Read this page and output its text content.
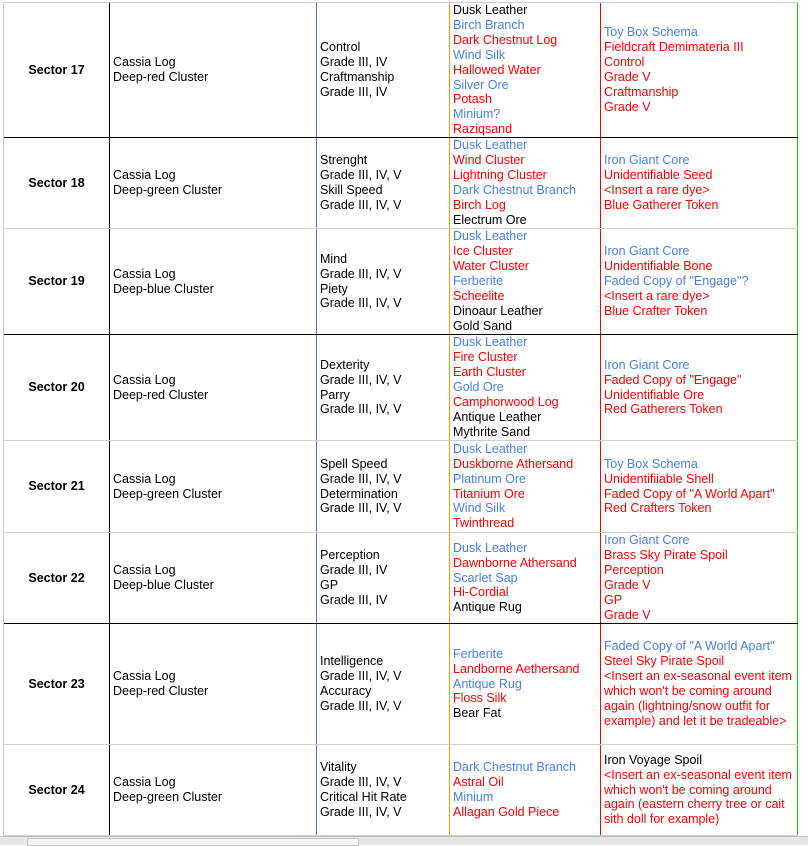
Sector 17
Cassia Log
Deep-red Cluster
Control
Grade III, IV
Craftmanship
Grade III, IV
Dusk Leather
Birch Branch
Dark Chestnut Log
Wind Silk
Hallowed Water
Silver Ore
Potash
Minium?
Raziqsand
Toy Box Schema
Fieldcraft Demimateria III
Control
Grade V
Craftmanship
Grade V
Sector 18
Cassia Log
Deep-green Cluster
Strenght
Grade III, IV, V
Skill Speed
Grade III, IV, V
Dusk Leather
Wind Cluster
Lightning Cluster
Dark Chestnut Branch
Birch Log
Electrum Ore
Iron Giant Core
Unidentifiable Seed
<Insert a rare dye>
Blue Gatherer Token
Sector 19
Cassia Log
Deep-blue Cluster
Mind
Grade III, IV, V
Piety
Grade III, IV, V
Dusk Leather
Ice Cluster
Water Cluster
Ferberite
Scheelite
Dinoaur Leather
Gold Sand
Iron Giant Core
Unidentifiable Bone
Faded Copy of "Engage"?
<Insert a rare dye>
Blue Crafter Token
Sector 20
Cassia Log
Deep-red Cluster
Dexterity
Grade III, IV, V
Parry
Grade III, IV, V
Dusk Leather
Fire Cluster
Earth Cluster
Gold Ore
Camphorwood Log
Antique Leather
Mythrite Sand
Iron Giant Core
Faded Copy of "Engage"
Unidentifiable Ore
Red Gatherers Token
Sector 21
Cassia Log
Deep-green Cluster
Spell Speed
Grade III, IV, V
Determination
Grade III, IV, V
Dusk Leather
Duskborne Athersand
Platinum Ore
Titanium Ore
Wind Silk
Twinthread
Toy Box Schema
Unidentifiiable Shell
Faded Copy of "A World Apart"
Red Crafters Token
Sector 22
Cassia Log
Deep-blue Cluster
Perception
Grade III, IV
GP
Grade III, IV
Dusk Leather
Dawnborne Athersand
Scarlet Sap
Hi-Cordial
Antique Rug
Iron Giant Core
Brass Sky Pirate Spoil
Perception
Grade V
GP
Grade V
Sector 23
Cassia Log
Deep-red Cluster
Intelligence
Grade III, IV, V
Accuracy
Grade III, IV, V
Ferberite
Landborne Aethersand
Antique Rug
Floss Silk
Bear Fat
Faded Copy of "A World Apart"
Steel Sky Pirate Spoil
<Insert an ex-seasonal event item which won't be coming around again (lightning/snow outfit for example) and let it be tradeable>
Sector 24
Cassia Log
Deep-green Cluster
Vitality
Grade III, IV, V
Critical Hit Rate
Grade III, IV, V
Dark Chestnut Branch
Astral Oil
Minium
Allagan Gold Piece
Iron Voyage Spoil
<Insert an ex-seasonal event item which won't be coming around again (eastern cherry tree or cait sith doll for example)
